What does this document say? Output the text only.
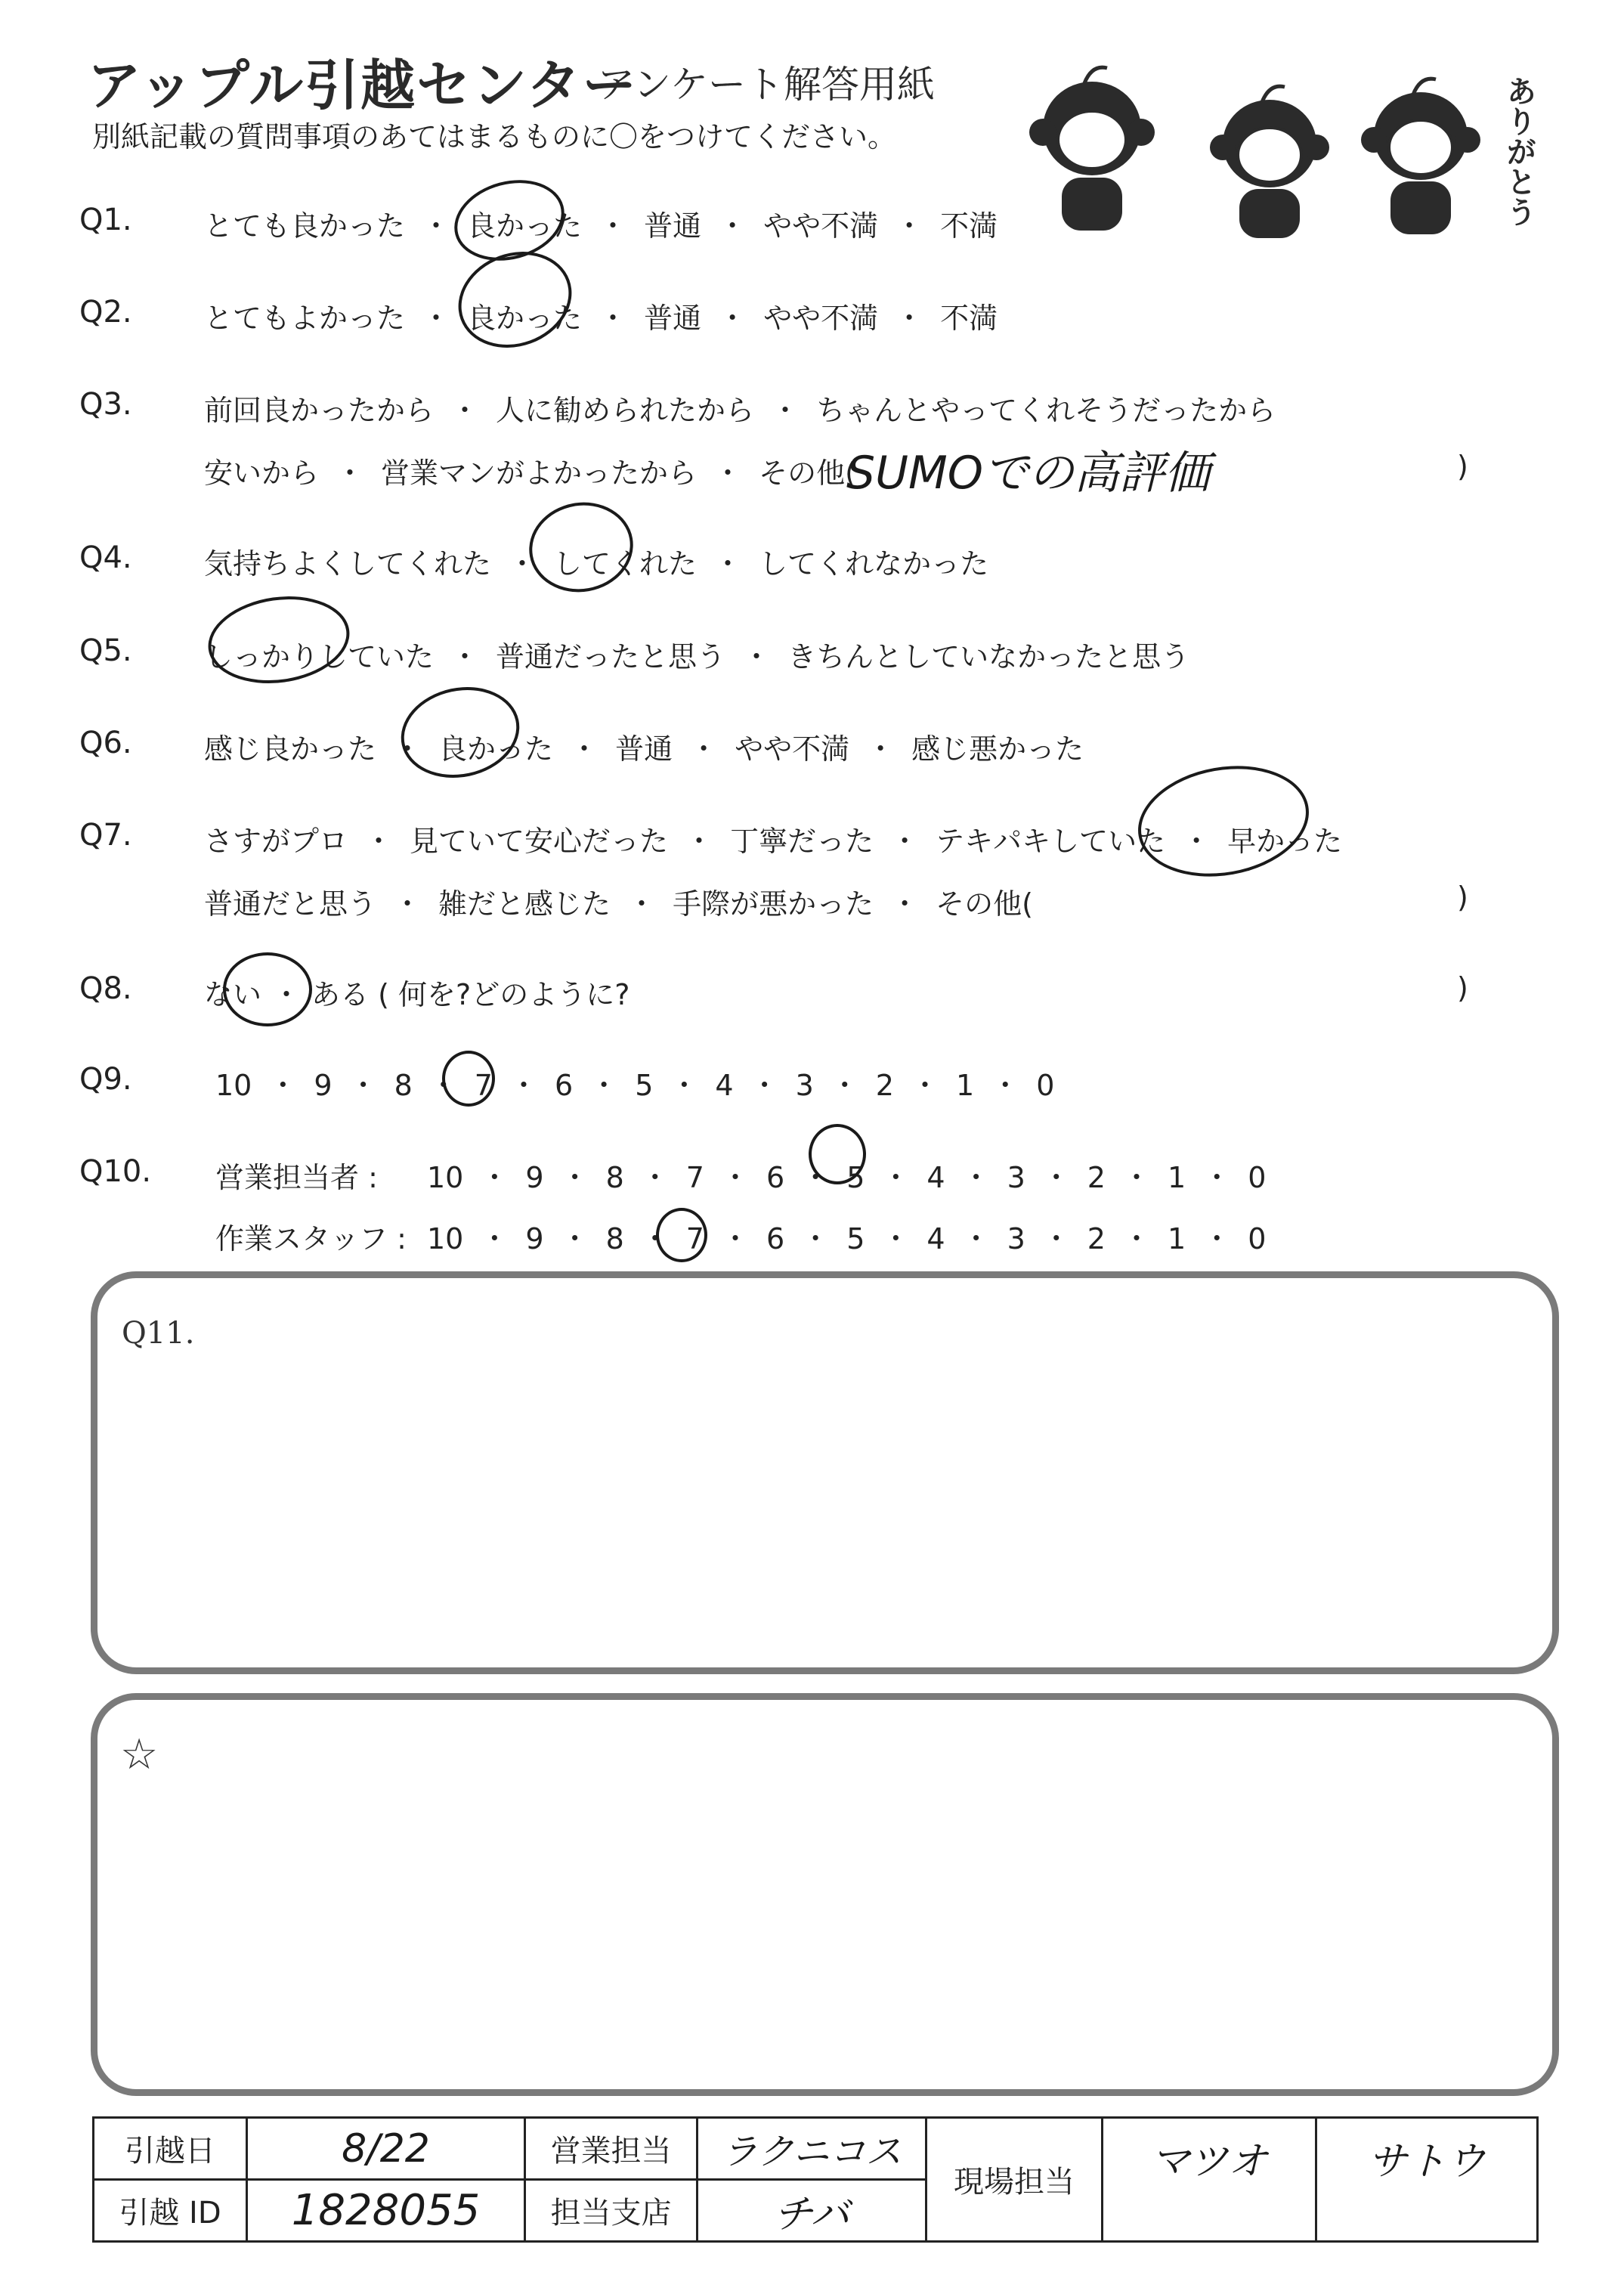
アップル引越センター
アンケート解答用紙
別紙記載の質問事項のあてはまるものに〇をつけてください。	ありがとう
Q1.	とても良かった ・ 良かった ・ 普通 ・ やや不満 ・ 不満
Q2.	とてもよかった ・ 良かった ・ 普通 ・ やや不満 ・ 不満
Q3.	前回良かったから ・ 人に勧められたから ・ ちゃんとやってくれそうだったから
安いから ・ 営業マンがよかったから ・ その他(
SUMOでの高評価	)
Q4.	気持ちよくしてくれた ・ してくれた ・ してくれなかった
Q5.	しっかりしていた ・ 普通だったと思う ・ きちんとしていなかったと思う
Q6.	感じ良かった ・ 良かった ・ 普通 ・ やや不満 ・ 感じ悪かった
Q7.	さすがプロ ・ 見ていて安心だった ・ 丁寧だった ・ テキパキしていた ・ 早かった
普通だと思う ・ 雑だと感じた ・ 手際が悪かった ・ その他(	)
Q8.	ない ・ ある ( 何を?どのように?	)
Q9.	10 ・ 9 ・ 8 ・ 7 ・ 6 ・ 5 ・ 4 ・ 3 ・ 2 ・ 1 ・ 0
Q10. 営業担当者 : 10 ・ 9 ・ 8 ・ 7 ・ 6 ・ 5 ・ 4 ・ 3 ・ 2 ・ 1 ・ 0
作業スタッフ : 10 ・ 9 ・ 8 ・ 7 ・ 6 ・ 5 ・ 4 ・ 3 ・ 2 ・ 1 ・ 0
Q11.
☆
引越日	8/22	営業担当	ラクニコス	現場担当	マツオ	サトウ
引越 ID	1828055	担当支店	チバ			
